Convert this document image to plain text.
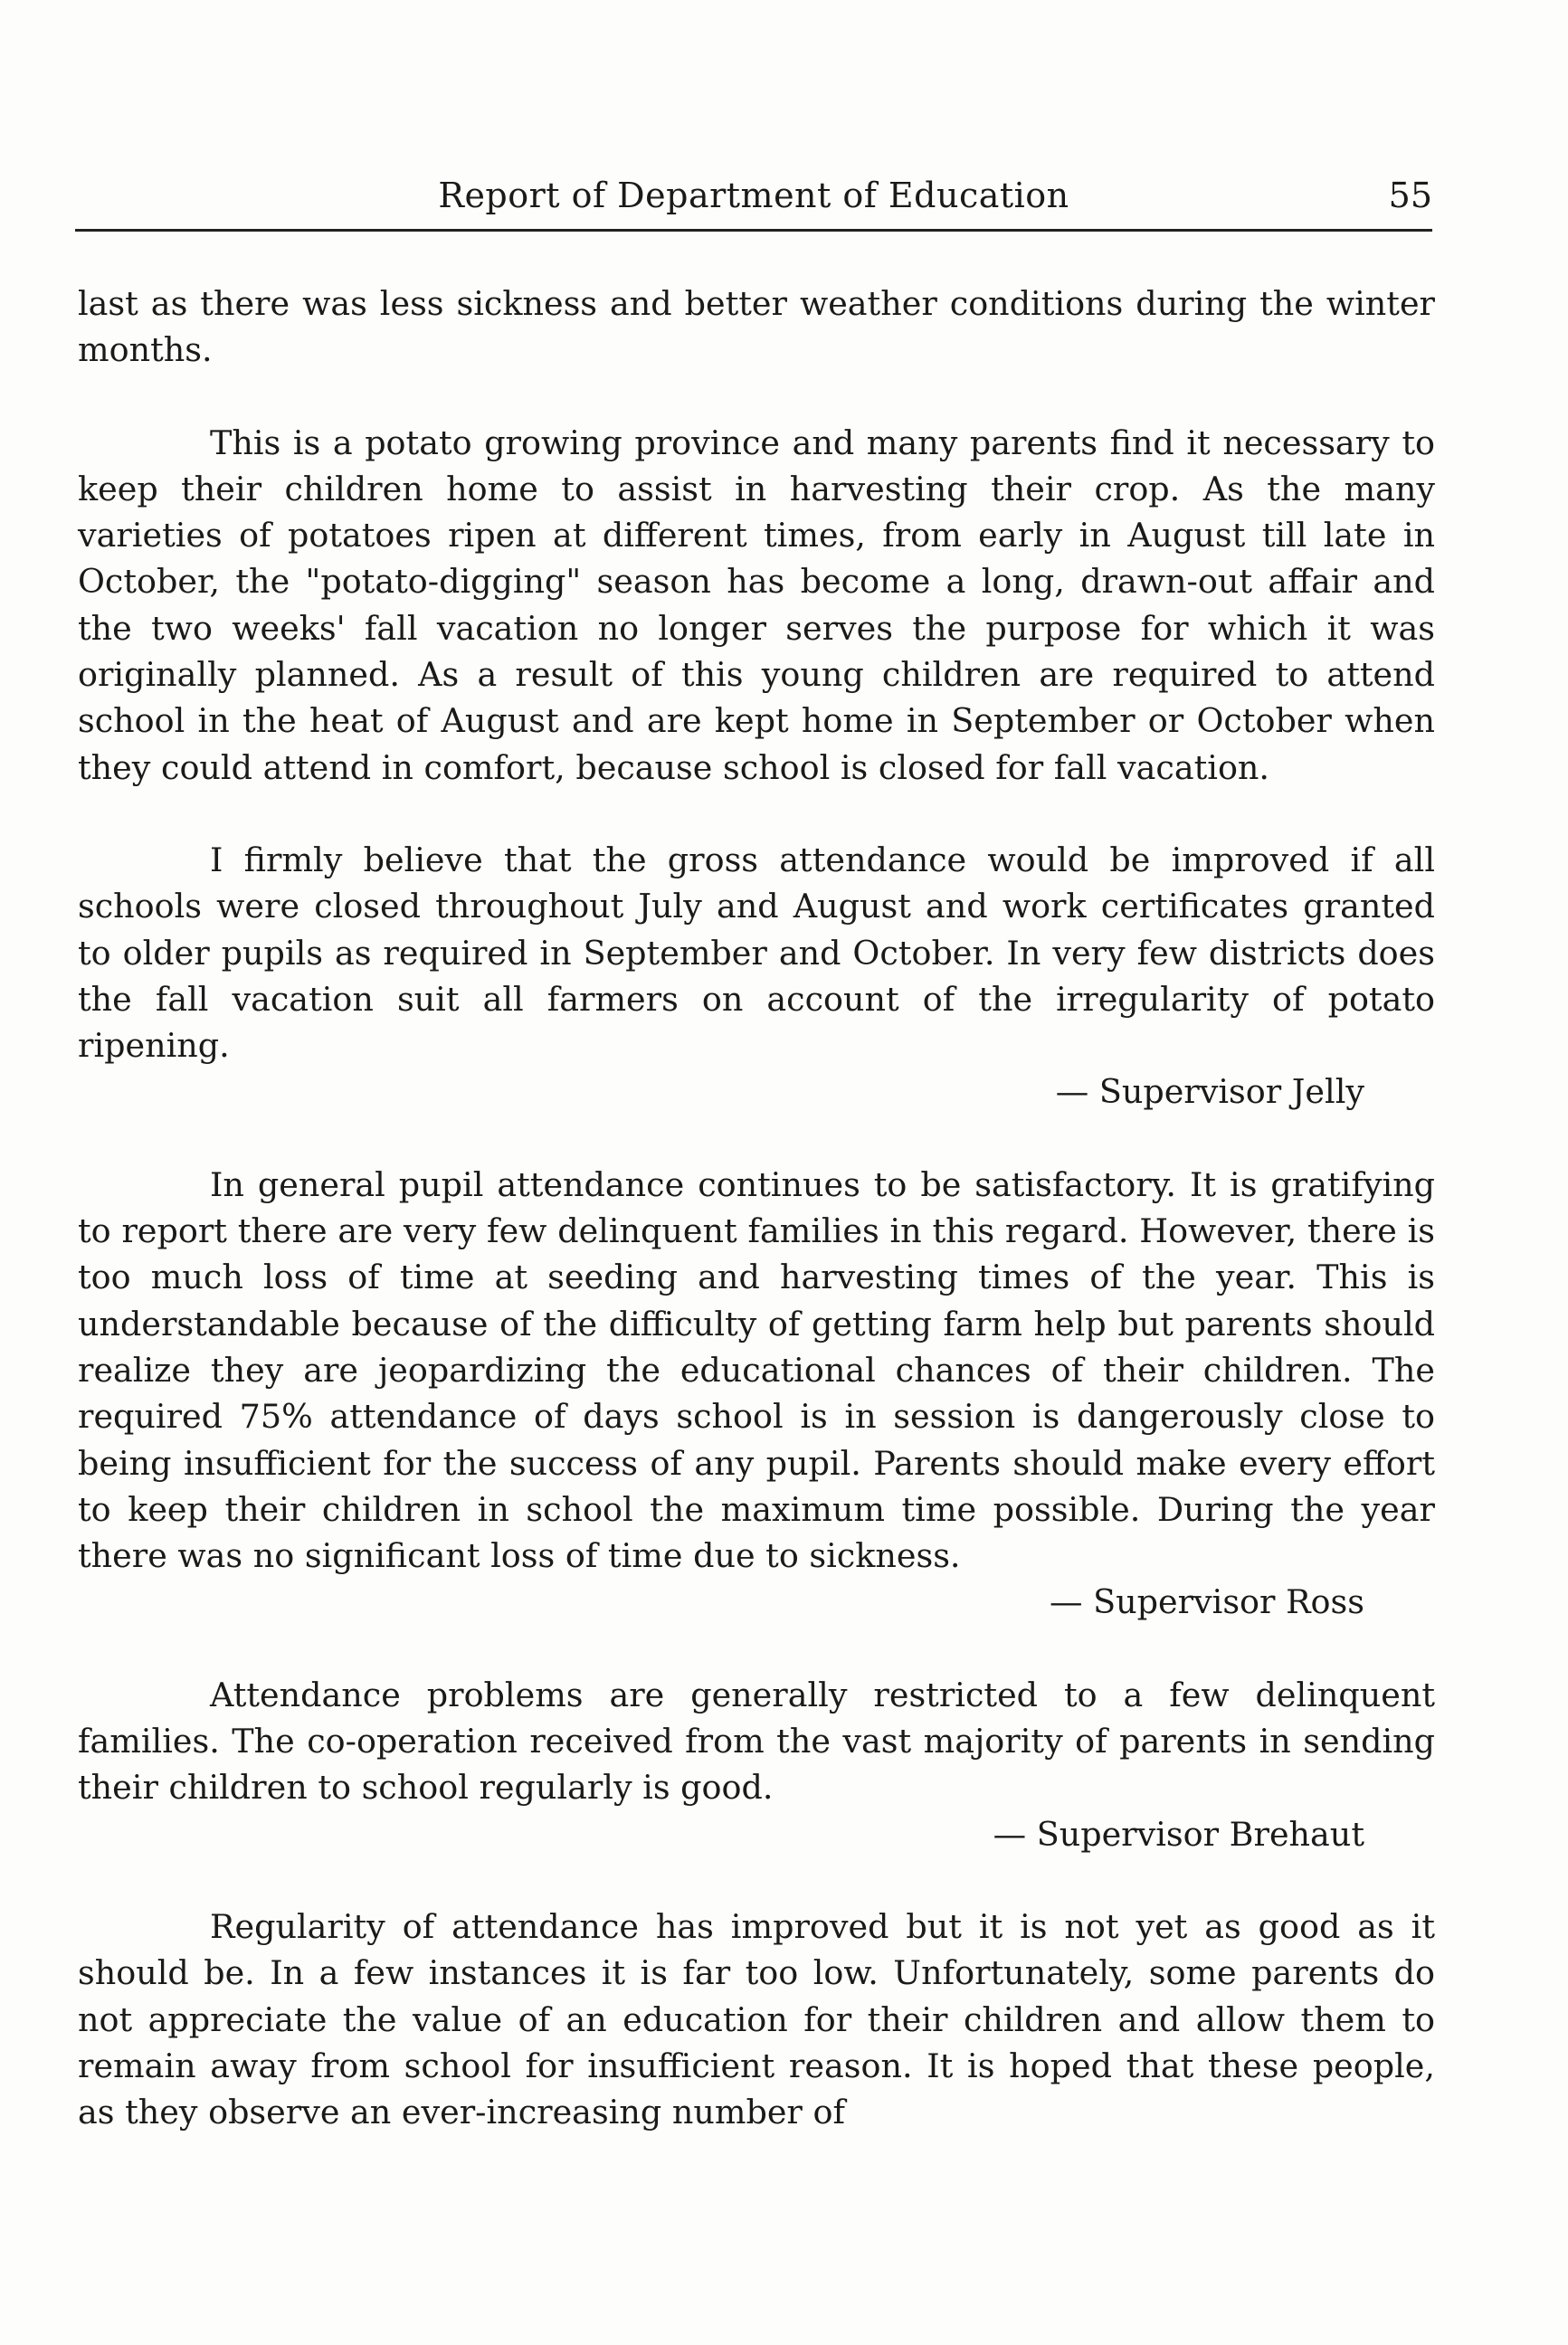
Report of Department of Education	55

last as there was less sickness and better weather conditions during the winter months.

This is a potato growing province and many parents find it necessary to keep their children home to assist in harvesting their crop. As the many varieties of potatoes ripen at different times, from early in August till late in October, the "potato-digging" season has become a long, drawn-out affair and the two weeks' fall vacation no longer serves the purpose for which it was originally planned. As a result of this young children are required to attend school in the heat of August and are kept home in September or October when they could attend in comfort, because school is closed for fall vacation.

I firmly believe that the gross attendance would be improved if all schools were closed throughout July and August and work certificates granted to older pupils as required in September and October. In very few districts does the fall vacation suit all farmers on account of the irregularity of potato ripening.

— Supervisor Jelly

In general pupil attendance continues to be satisfactory. It is gratifying to report there are very few delinquent families in this regard. However, there is too much loss of time at seeding and harvesting times of the year. This is understandable because of the difficulty of getting farm help but parents should realize they are jeopardizing the educational chances of their children. The required 75% attendance of days school is in session is dangerously close to being insufficient for the success of any pupil. Parents should make every effort to keep their children in school the maximum time possible. During the year there was no significant loss of time due to sickness.

— Supervisor Ross

Attendance problems are generally restricted to a few delinquent families. The co-operation received from the vast majority of parents in sending their children to school regularly is good.

— Supervisor Brehaut

Regularity of attendance has improved but it is not yet as good as it should be. In a few instances it is far too low. Unfortunately, some parents do not appreciate the value of an education for their children and allow them to remain away from school for insufficient reason. It is hoped that these people, as they observe an ever-increasing number of
